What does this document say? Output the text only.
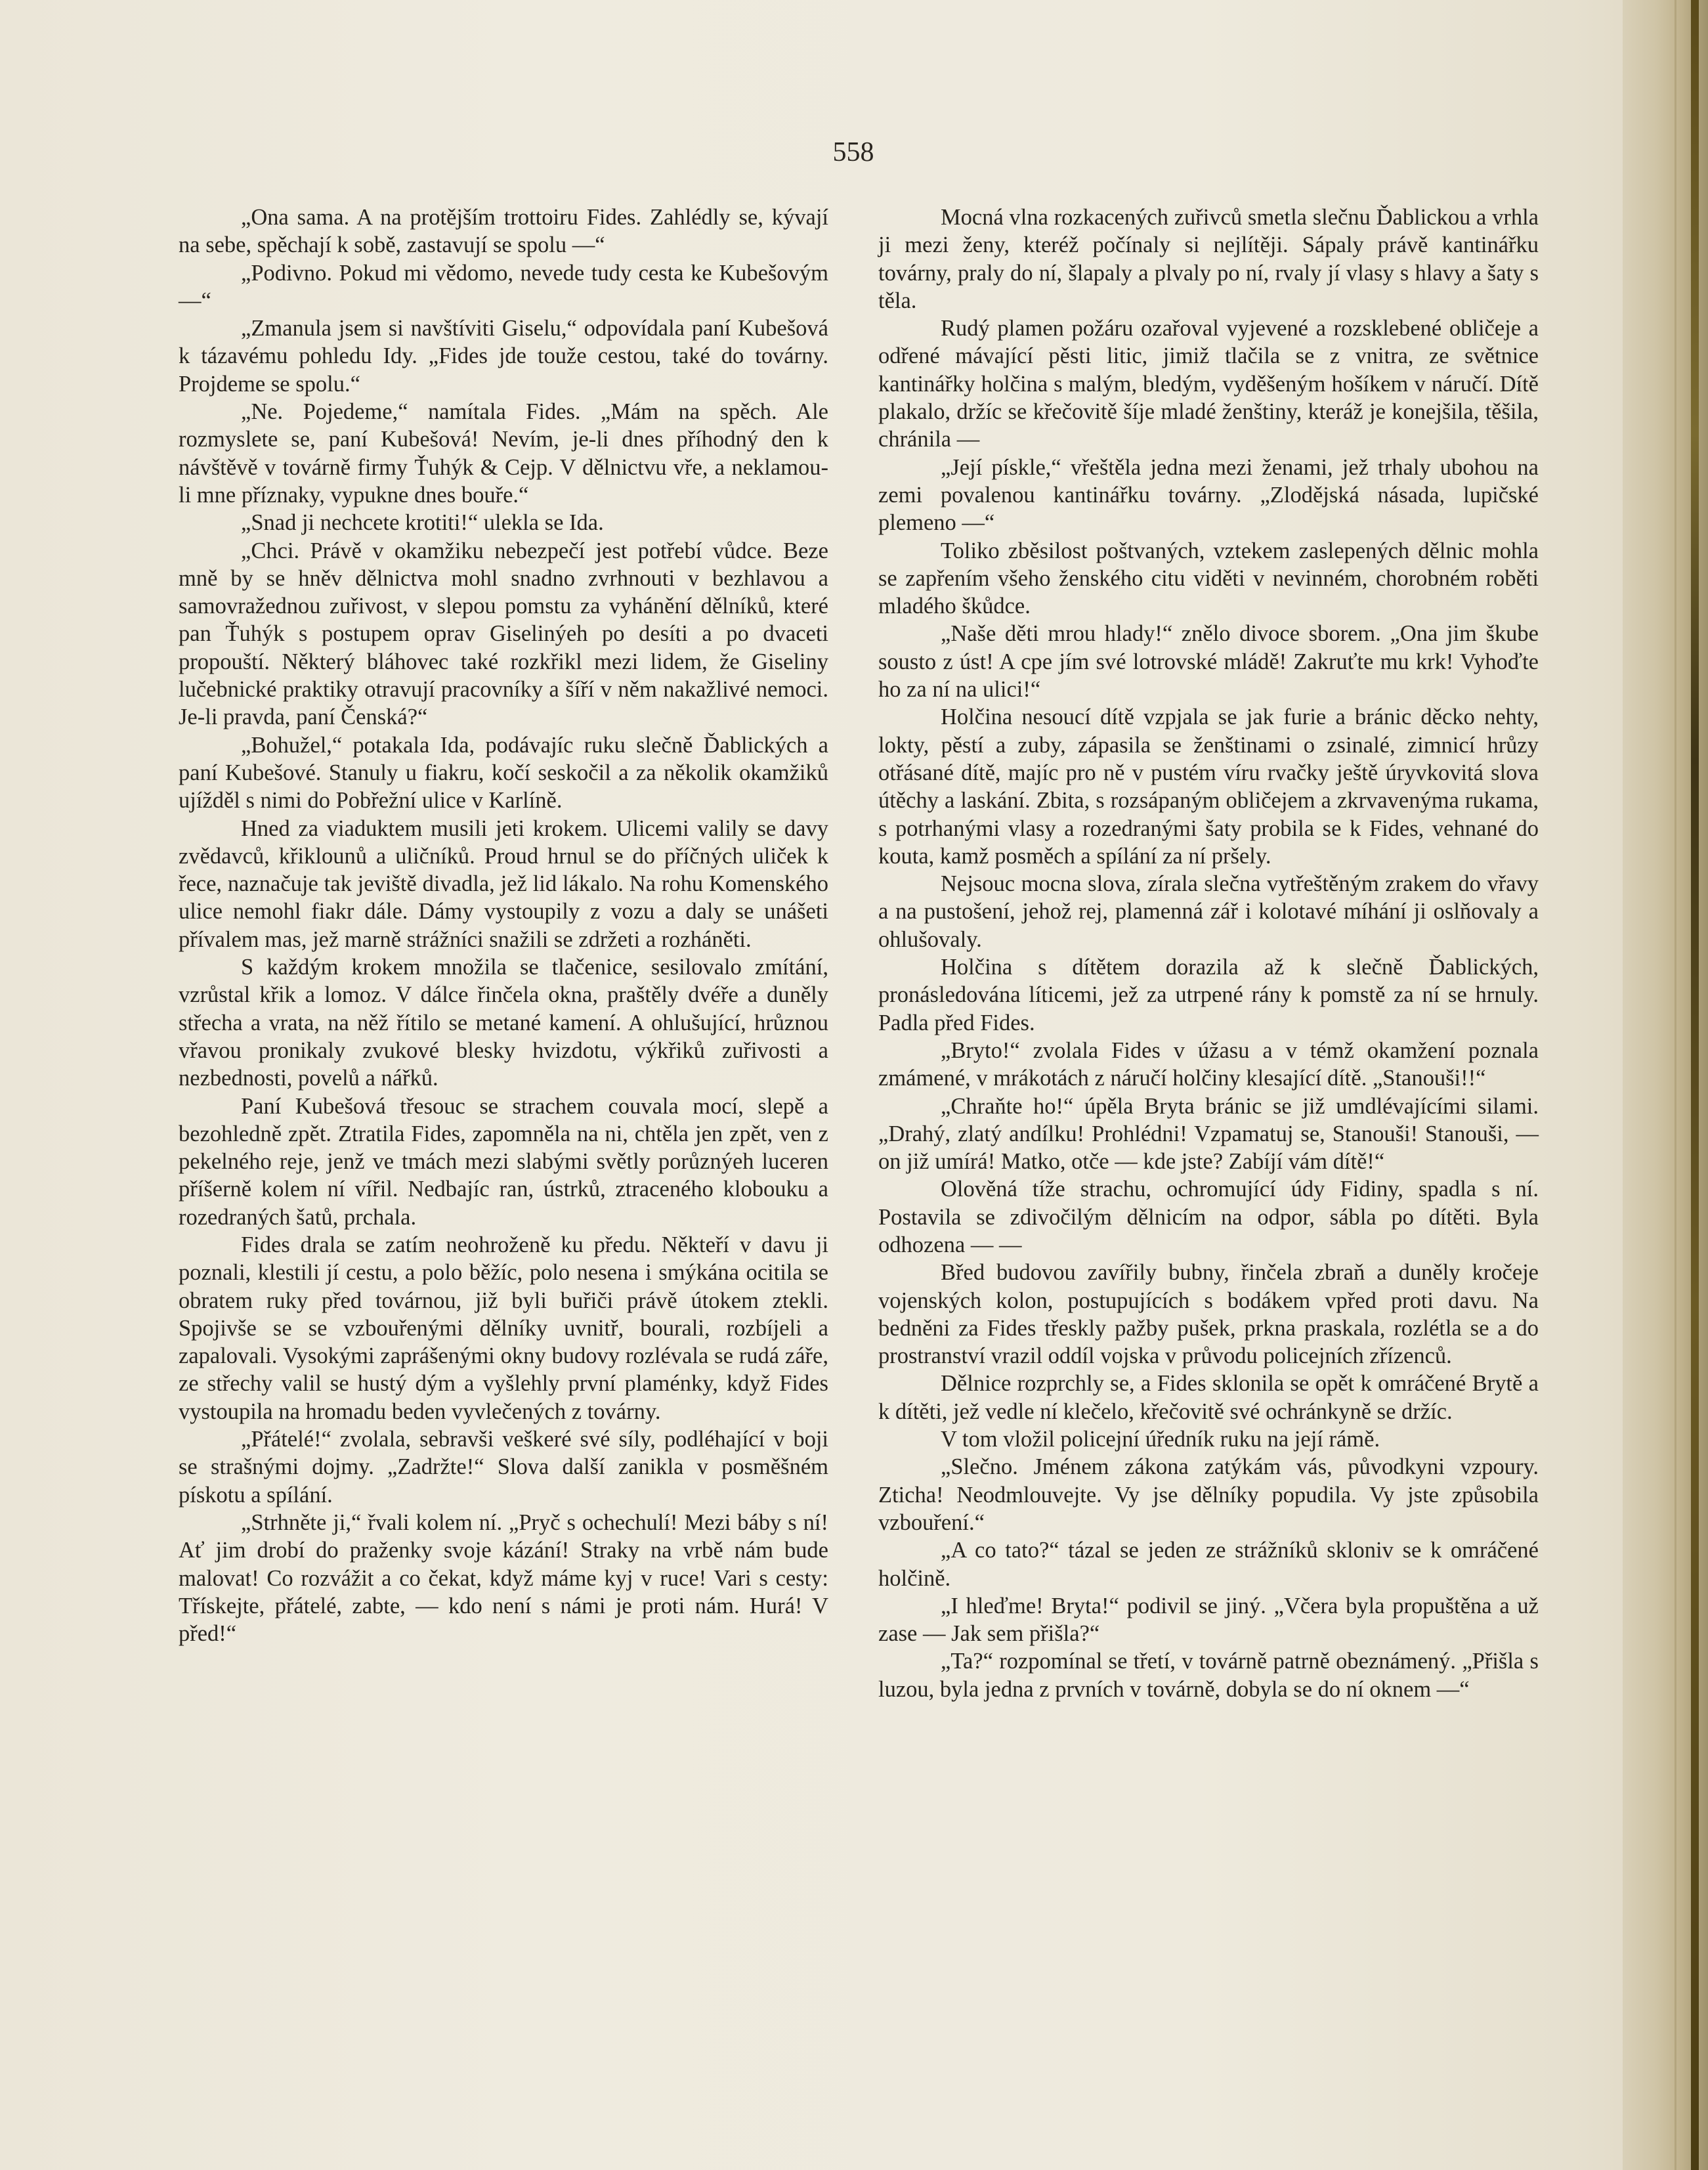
558

„Ona sama. A na protějším trottoiru Fides. Zahlédly se, kývají na sebe, spěchají k sobě, zastavují se spolu —“

„Podivno. Pokud mi vědomo, nevede tudy cesta ke Kubešovým —“

„Zmanula jsem si navštíviti Giselu,“ odpovídala paní Kubešová k tázavému pohledu Idy. „Fides jde touže cestou, také do továrny. Projdeme se spolu.“

„Ne. Pojedeme,“ namítala Fides. „Mám na spěch. Ale rozmyslete se, paní Kubešová! Nevím, je-li dnes příhodný den k návštěvě v továrně firmy Ťuhýk & Cejp. V dělnictvu vře, a neklamou-li mne příznaky, vypukne dnes bouře.“

„Snad ji nechcete krotiti!“ ulekla se Ida.

„Chci. Právě v okamžiku nebezpečí jest potřebí vůdce. Beze mně by se hněv dělnictva mohl snadno zvrhnouti v bezhlavou a samovražednou zuřivost, v slepou pomstu za vyhánění dělníků, které pan Ťuhýk s postupem oprav Giselinýeh po desíti a po dvaceti propouští. Některý bláhovec také rozkřikl mezi lidem, že Giseliny lučebnické praktiky otravují pracovníky a šíří v něm nakažlivé nemoci. Je-li pravda, paní Čenská?“

„Bohužel,“ potakala Ida, podávajíc ruku slečně Ďablických a paní Kubešové. Stanuly u fiakru, kočí seskočil a za několik okamžiků ujížděl s nimi do Pobřežní ulice v Karlíně.

Hned za viaduktem musili jeti krokem. Ulicemi valily se davy zvědavců, křiklounů a uličníků. Proud hrnul se do příčných uliček k řece, naznačuje tak jeviště divadla, jež lid lákalo. Na rohu Komenského ulice nemohl fiakr dále. Dámy vystoupily z vozu a daly se unášeti přívalem mas, jež marně strážníci snažili se zdržeti a rozháněti.

S každým krokem množila se tlačenice, sesilovalo zmítání, vzrůstal křik a lomoz. V dálce řinčela okna, praštěly dvéře a duněly střecha a vrata, na něž řítilo se metané kamení. A ohlušující, hrůznou vřavou pronikaly zvukové blesky hvizdotu, výkřiků zuřivosti a nezbednosti, povelů a nářků.

Paní Kubešová třesouc se strachem couvala mocí, slepě a bezohledně zpět. Ztratila Fides, zapomněla na ni, chtěla jen zpět, ven z pekelného reje, jenž ve tmách mezi slabými světly porůznýeh luceren příšerně kolem ní vířil. Nedbajíc ran, ústrků, ztraceného klobouku a rozedraných šatů, prchala.

Fides drala se zatím neohroženě ku předu. Někteří v davu ji poznali, klestili jí cestu, a polo běžíc, polo nesena i smýkána ocitila se obratem ruky před továrnou, již byli buřiči právě útokem ztekli. Spojivše se se vzbouřenými dělníky uvnitř, bourali, rozbíjeli a zapalovali. Vysokými zaprášenými okny budovy rozlévala se rudá záře, ze střechy valil se hustý dým a vyšlehly první plaménky, když Fides vystoupila na hromadu beden vyvlečených z továrny.

„Přátelé!“ zvolala, sebravši veškeré své síly, podléhající v boji se strašnými dojmy. „Zadržte!“ Slova další zanikla v posměšném pískotu a spílání.

„Strhněte ji,“ řvali kolem ní. „Pryč s ochechulí! Mezi báby s ní! Ať jim drobí do praženky svoje kázání! Straky na vrbě nám bude malovat! Co rozvážit a co čekat, když máme kyj v ruce! Vari s cesty: Třískejte, přátelé, zabte, — kdo není s námi je proti nám. Hurá! V před!“

Mocná vlna rozkacených zuřivců smetla slečnu Ďablickou a vrhla ji mezi ženy, kteréž počínaly si nejlítěji. Sápaly právě kantinářku továrny, praly do ní, šlapaly a plvaly po ní, rvaly jí vlasy s hlavy a šaty s těla.

Rudý plamen požáru ozařoval vyjevené a rozsklebené obličeje a odřené mávající pěsti litic, jimiž tlačila se z vnitra, ze světnice kantinářky holčina s malým, bledým, vyděšeným hošíkem v náručí. Dítě plakalo, držíc se křečovitě šíje mladé ženštiny, kteráž je konejšila, těšila, chránila —

„Její pískle,“ vřeštěla jedna mezi ženami, jež trhaly ubohou na zemi povalenou kantinářku továrny. „Zlodějská násada, lupičské plemeno —“

Toliko zběsilost poštvaných, vztekem zaslepených dělnic mohla se zapřením všeho ženského citu viděti v nevinném, chorobném roběti mladého škůdce.

„Naše děti mrou hlady!“ znělo divoce sborem. „Ona jim škube sousto z úst! A cpe jím své lotrovské mládě! Zakruťte mu krk! Vyhoďte ho za ní na ulici!“

Holčina nesoucí dítě vzpjala se jak furie a bránic děcko nehty, lokty, pěstí a zuby, zápasila se ženštinami o zsinalé, zimnicí hrůzy otřásané dítě, majíc pro ně v pustém víru rvačky ještě úryvkovitá slova útěchy a laskání. Zbita, s rozsápaným obličejem a zkrvavenýma rukama, s potrhanými vlasy a rozedranými šaty probila se k Fides, vehnané do kouta, kamž posměch a spílání za ní pršely.

Nejsouc mocna slova, zírala slečna vytřeštěným zrakem do vřavy a na pustošení, jehož rej, plamenná zář i kolotavé míhání ji oslňovaly a ohlušovaly.

Holčina s dítětem dorazila až k slečně Ďablických, pronásledována líticemi, jež za utrpené rány k pomstě za ní se hrnuly. Padla před Fides.

„Bryto!“ zvolala Fides v úžasu a v témž okamžení poznala zmámené, v mrákotách z náručí holčiny klesající dítě. „Stanouši!!“

„Chraňte ho!“ úpěla Bryta bránic se již umdlévajícími silami. „Drahý, zlatý andílku! Prohlédni! Vzpamatuj se, Stanouši! Stanouši, — on již umírá! Matko, otče — kde jste? Zabíjí vám dítě!“

Olověná tíže strachu, ochromující údy Fidiny, spadla s ní. Postavila se zdivočilým dělnicím na odpor, sábla po dítěti. Byla odhozena — —

Břed budovou zavířily bubny, řinčela zbraň a duněly kročeje vojenských kolon, postupujících s bodákem vpřed proti davu. Na bedněni za Fides třeskly pažby pušek, prkna praskala, rozlétla se a do prostranství vrazil oddíl vojska v průvodu policejních zřízenců.

Dělnice rozprchly se, a Fides sklonila se opět k omráčené Brytě a k dítěti, jež vedle ní klečelo, křečovitě své ochránkyně se držíc.

V tom vložil policejní úředník ruku na její rámě.

„Slečno. Jménem zákona zatýkám vás, původkyni vzpoury. Zticha! Neodmlouvejte. Vy jse dělníky popudila. Vy jste způsobila vzbouření.“

„A co tato?“ tázal se jeden ze strážníků skloniv se k omráčené holčině.

„I hleďme! Bryta!“ podivil se jiný. „Včera byla propuštěna a už zase — Jak sem přišla?“

„Ta?“ rozpomínal se třetí, v továrně patrně obeznámený. „Přišla s luzou, byla jedna z prvních v továrně, dobyla se do ní oknem —“
